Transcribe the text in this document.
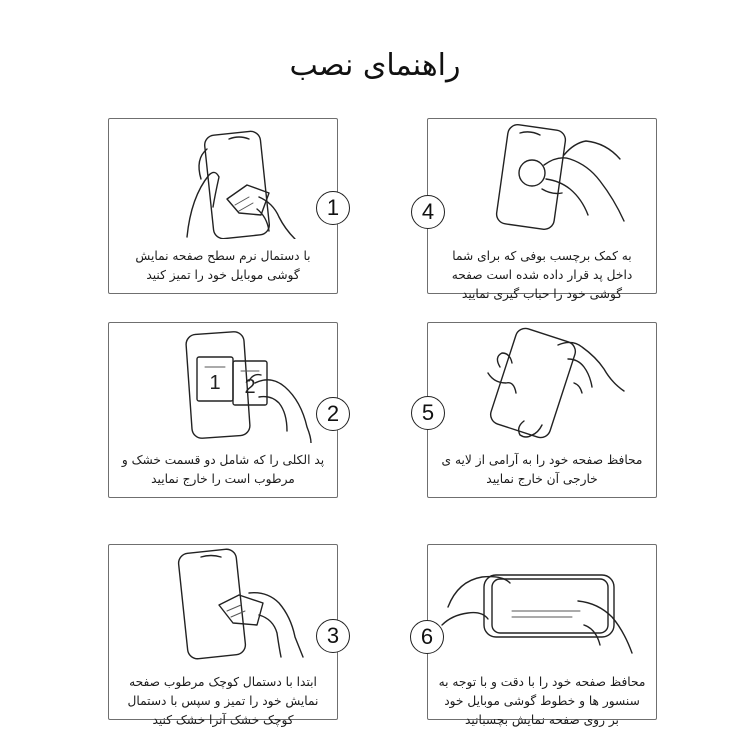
راهنمای نصب
با دستمال نرم سطح صفحه نمایش گوشی موبایل خود را تمیز کنید
1
به کمک برچسب بوفی که برای شما داخل پد قرار داده شده است صفحه گوشی خود را حباب گیری نمایید
4
1 2
پد الکلی را که شامل دو قسمت خشک و مرطوب است را خارج نمایید
2
محافظ صفحه خود را به آرامی از لایه ی خارجی آن خارج نمایید
5
ابتدا با دستمال کوچک مرطوب صفحه نمایش خود را تمیز و سپس با دستمال کوچک خشک آنرا خشک کنید
3
محافظ صفحه خود را با دقت و با توجه به سنسور ها و خطوط گوشی موبایل خود بر روی صفحه نمایش بچسبانید
6
